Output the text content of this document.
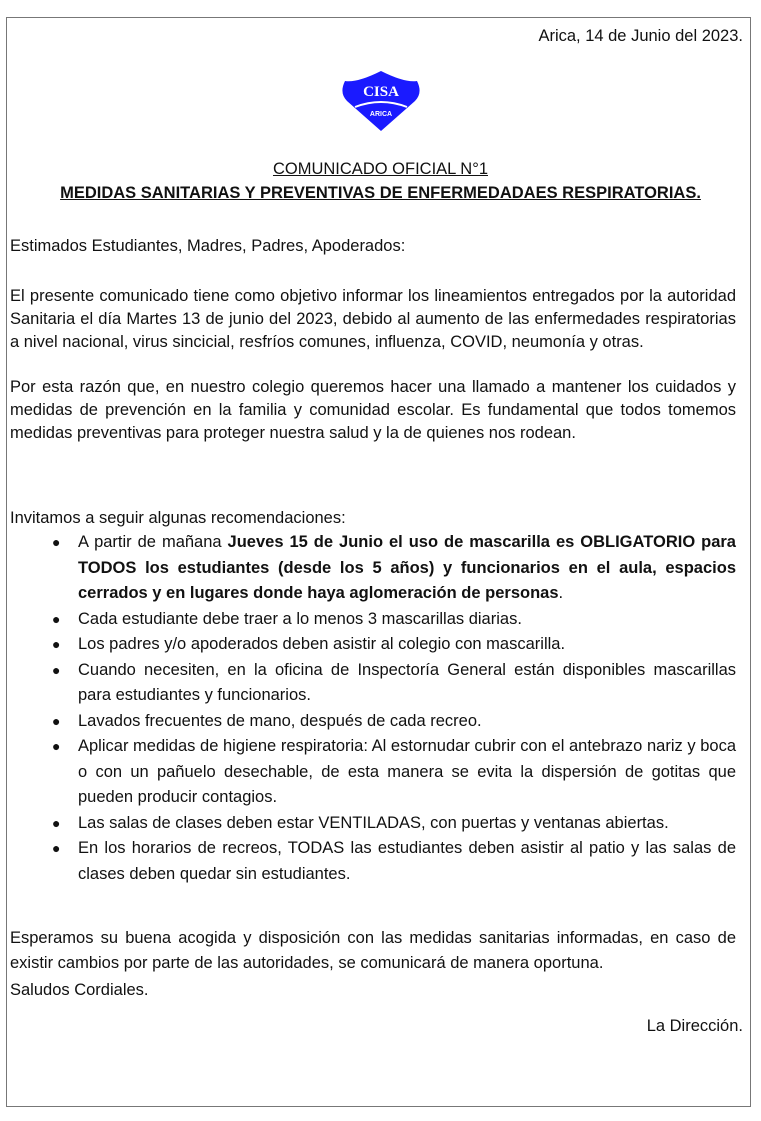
Arica, 14 de Junio del 2023.
CISA
ARICA
COMUNICADO OFICIAL N°1
MEDIDAS SANITARIAS Y PREVENTIVAS DE ENFERMEDADAES RESPIRATORIAS.
Estimados Estudiantes, Madres, Padres, Apoderados:
El presente comunicado tiene como objetivo informar los lineamientos entregados por la autoridad Sanitaria el día Martes 13 de junio del 2023, debido al aumento de las enfermedades respiratorias a nivel nacional, virus sincicial, resfríos comunes, influenza, COVID, neumonía y otras.
Por esta razón que, en nuestro colegio queremos hacer una llamado a mantener los cuidados y medidas de prevención en la familia y comunidad escolar. Es fundamental que todos tomemos medidas preventivas para proteger nuestra salud y la de quienes nos rodean.
Invitamos a seguir algunas recomendaciones:
● A partir de mañana Jueves 15 de Junio el uso de mascarilla es OBLIGATORIO para TODOS los estudiantes (desde los 5 años) y funcionarios en el aula, espacios cerrados y en lugares donde haya aglomeración de personas.
● Cada estudiante debe traer a lo menos 3 mascarillas diarias.
● Los padres y/o apoderados deben asistir al colegio con mascarilla.
● Cuando necesiten, en la oficina de Inspectoría General están disponibles mascarillas para estudiantes y funcionarios.
● Lavados frecuentes de mano, después de cada recreo.
● Aplicar medidas de higiene respiratoria: Al estornudar cubrir con el antebrazo nariz y boca o con un pañuelo desechable, de esta manera se evita la dispersión de gotitas que pueden producir contagios.
● Las salas de clases deben estar VENTILADAS, con puertas y ventanas abiertas.
● En los horarios de recreos, TODAS las estudiantes deben asistir al patio y las salas de clases deben quedar sin estudiantes.
Esperamos su buena acogida y disposición con las medidas sanitarias informadas, en caso de existir cambios por parte de las autoridades, se comunicará de manera oportuna.
Saludos Cordiales.
La Dirección.
